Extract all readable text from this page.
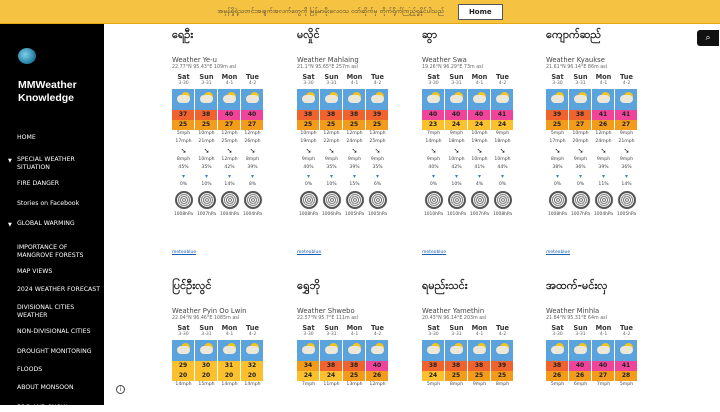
အမှန်ရှိရဲ့သတင်းအချက်အလက်တွေကို မြန်မာမိုးလေဝသ ဝဘ်ဆိုက်မှ တိုက်ရိုက်ကြည့်ရှုနိုင်ပါသည်	Home
MMWeather Knowledge
HOME
▼ SPECIAL WEATHER SITUATION
FIRE DANGER
Stories on Facebook
▼ GLOBAL WARMING
IMPORTANCE OF MANGROVE FORESTS
MAP VIEWS
2024 WEATHER FORECAST
DIVISIONAL CITIES WEATHER
NON-DIVISIONAL CITIES
DROUGHT MONITORING
FLOODS
ABOUT MONSOON
FOG AND SNOW
i
ရေဦး
Weather Ye-u
22.77°N 95.43°E 109m asl
Sat	Sun	Mon	Tue
3-30	3-31	4-1	4-2
37	38	40	40
25	25	27	27
5mph	10mph	12mph	12mph
17mph	21mph	25mph	26mph
➘	➘	➘	➘
8mph	10mph	12mph	8mph
45%	35%	42%	39%
▾	▾	▾	▾
0%	10%	14%	8%
1008hPa 1007hPa 1004hPa 1004hPa
meteoblue
မလှိုင်
Weather Mahlaing
21.1°N 95.65°E 257m asl
Sat	Sun	Mon	Tue
3-30	3-31	4-1	4-2
38	38	38	39
25	25	25	25
10mph	12mph	12mph	13mph
19mph	22mph	24mph	25mph
➘	➘	➘	➘
9mph	9mph	9mph	9mph
40%	35%	39%	35%
▾	▾	▾	▾
0%	10%	15%	6%
1008hPa 1006hPa 1005hPa 1005hPa
meteoblue
ဆွာ
Weather Swa
19.26°N 96.29°E 73m asl
Sat	Sun	Mon	Tue
3-30	3-31	4-1	4-2
40	40	40	41
23	24	24	24
7mph	9mph	10mph	9mph
14mph	18mph	19mph	18mph
➘	➘	➘	➘
9mph	10mph	10mph	10mph
40%	42%	41%	44%
▾	▾	▾	▾
0%	10%	4%	0%
1010hPa 1010hPa 1007hPa 1008hPa
meteoblue
ကျောက်ဆည်
Weather Kyaukse
21.61°N 96.14°E 86m asl
Sat	Sun	Mon	Tue
3-30	3-31	4-1	4-2
39	38	41	41
25	27	26	27
5mph	10mph	12mph	9mph
17mph	20mph	24mph	21mph
➘	➘	➘	➘
8mph	9mph	9mph	9mph
38%	36%	39%	36%
▾	▾	▾	▾
0%	0%	11%	14%
1008hPa 1007hPa 1004hPa 1005hPa
meteoblue
ပြင်ဦးလွင်
Weather Pyin Oo Lwin
22.04°N 96.46°E 1085m asl
Sat	Sun	Mon	Tue
3-30	3-31	4-1	4-2
29	30	31	32
20	20	20	20
14mph	15mph	14mph	14mph
ရွှေဘို
Weather Shwebo
22.57°N 95.7°E 111m asl
Sat	Sun	Mon	Tue
3-30	3-31	4-1	4-2
34	38	38	40
24	24	25	26
7mph	11mph	13mph	12mph
ရမည်းသင်း
Weather Yamethin
20.43°N 96.14°E 203m asl
Sat	Sun	Mon	Tue
3-30	3-31	4-1	4-2
38	38	38	39
24	25	25	25
5mph	8mph	9mph	8mph
အထက်-မင်းလှ
Weather Minhla
21.84°N 95.31°E 64m asl
Sat	Sun	Mon	Tue
3-30	3-31	4-1	4-2
38	40	40	41
26	26	27	28
5mph	6mph	7mph	5mph
⌕
